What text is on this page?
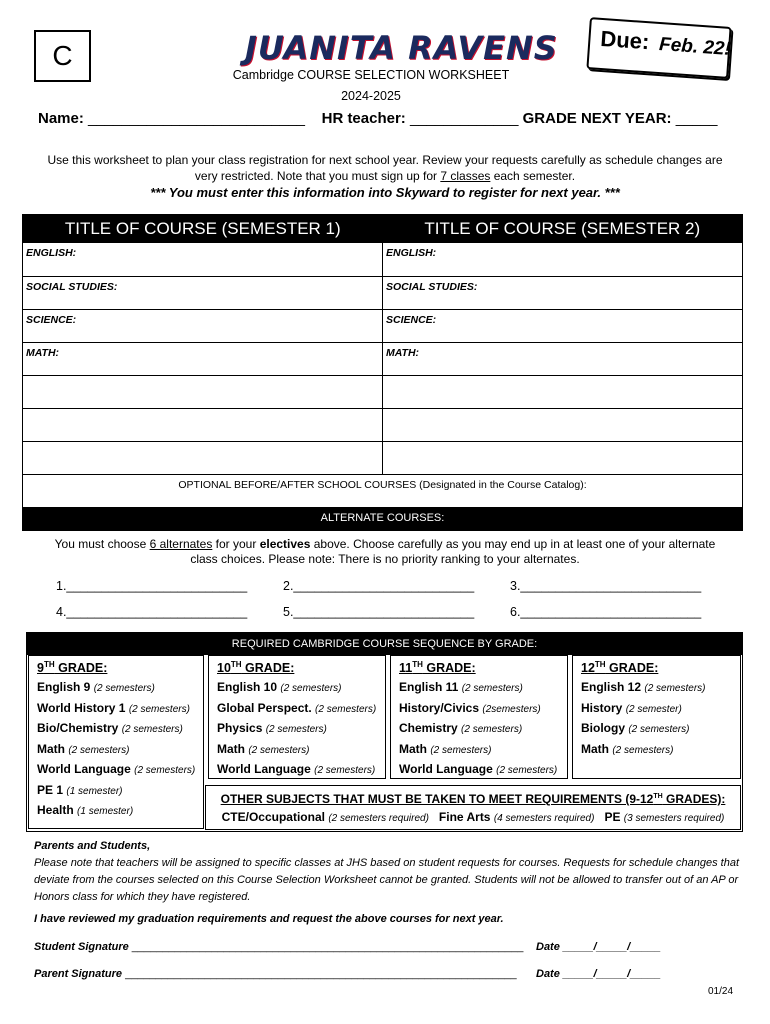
C	JUANITA RAVENS
Cambridge COURSE SELECTION WORKSHEET
2024-2025
Due: Feb. 22!
Name: __________________________ HR teacher: _____________ GRADE NEXT YEAR: _____
Use this worksheet to plan your class registration for next school year. Review your requests carefully as schedule changes are
very restricted. Note that you must sign up for 7 classes each semester.
*** You must enter this information into Skyward to register for next year. ***
TITLE OF COURSE (SEMESTER 1)	TITLE OF COURSE (SEMESTER 2)
ENGLISH:	ENGLISH:
SOCIAL STUDIES:	SOCIAL STUDIES:
SCIENCE:	SCIENCE:
MATH:	MATH:
OPTIONAL BEFORE/AFTER SCHOOL COURSES (Designated in the Course Catalog):
ALTERNATE COURSES:
You must choose 6 alternates for your electives above. Choose carefully as you may end up in at least one of your alternate
class choices. Please note: There is no priority ranking to your alternates.
1.__________________________	2.__________________________	3.__________________________
4.__________________________	5.__________________________	6.__________________________
REQUIRED CAMBRIDGE COURSE SEQUENCE BY GRADE:
9TH GRADE:
English 9 (2 semesters)
World History 1 (2 semesters)
Bio/Chemistry (2 semesters)
Math (2 semesters)
World Language (2 semesters)
PE 1 (1 semester)
Health (1 semester)
10TH GRADE:
English 10 (2 semesters)
Global Perspect. (2 semesters)
Physics (2 semesters)
Math (2 semesters)
World Language (2 semesters)
11TH GRADE:
English 11 (2 semesters)
History/Civics (2semesters)
Chemistry (2 semesters)
Math (2 semesters)
World Language (2 semesters)
12TH GRADE:
English 12 (2 semesters)
History (2 semester)
Biology (2 semesters)
Math (2 semesters)
OTHER SUBJECTS THAT MUST BE TAKEN TO MEET REQUIREMENTS (9-12TH GRADES):
CTE/Occupational (2 semesters required) Fine Arts (4 semesters required) PE (3 semesters required)
Parents and Students,
Please note that teachers will be assigned to specific classes at JHS based on student requests for courses. Requests for schedule changes that deviate from the courses selected on this Course Selection Worksheet cannot be granted. Students will not be allowed to transfer out of an AP or Honors class for which they have registered.
I have reviewed my graduation requirements and request the above courses for next year.
Student Signature ________________________________________________________________ Date _____/_____/_____
Parent Signature ________________________________________________________________ Date _____/_____/_____
01/24
